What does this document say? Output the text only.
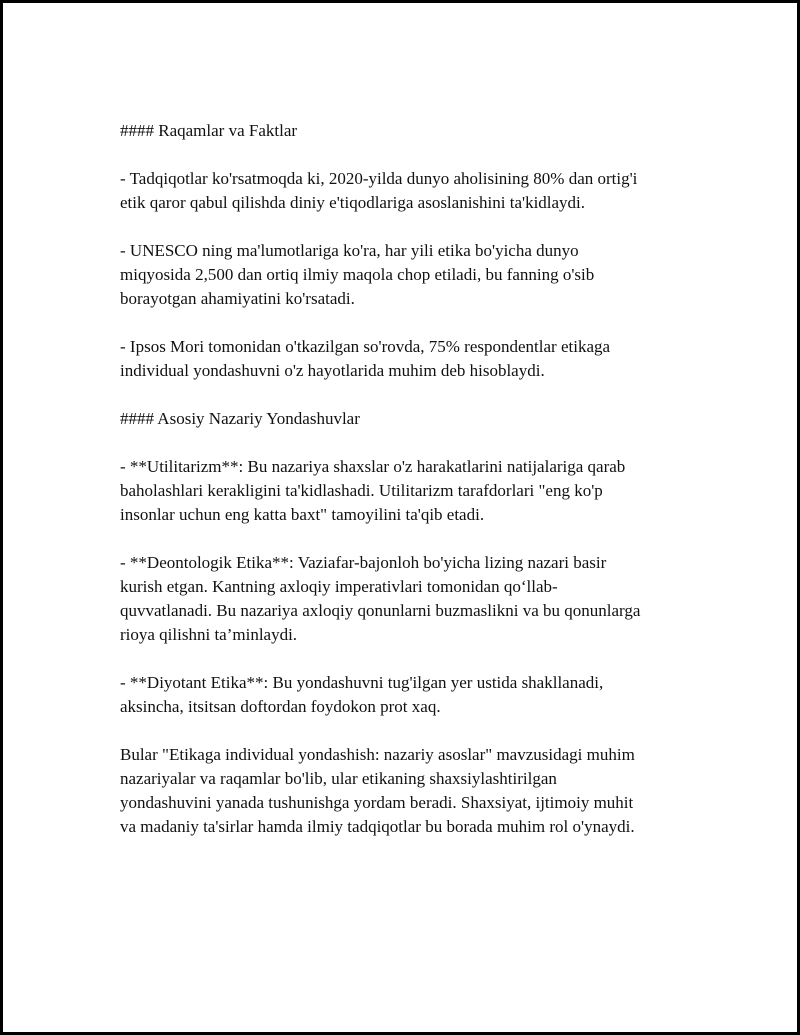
#### Raqamlar va Faktlar

- Tadqiqotlar ko'rsatmoqda ki, 2020-yilda dunyo aholisining 80% dan ortig'i
etik qaror qabul qilishda diniy e'tiqodlariga asoslanishini ta'kidlaydi.

- UNESCO ning ma'lumotlariga ko'ra, har yili etika bo'yicha dunyo
miqyosida 2,500 dan ortiq ilmiy maqola chop etiladi, bu fanning o'sib
borayotgan ahamiyatini ko'rsatadi.

- Ipsos Mori tomonidan o'tkazilgan so'rovda, 75% respondentlar etikaga
individual yondashuvni o'z hayotlarida muhim deb hisoblaydi.

#### Asosiy Nazariy Yondashuvlar

- **Utilitarizm**: Bu nazariya shaxslar o'z harakatlarini natijalariga qarab
baholashlari kerakligini ta'kidlashadi. Utilitarizm tarafdorlari "eng ko'p
insonlar uchun eng katta baxt" tamoyilini ta'qib etadi.

- **Deontologik Etika**: Vaziafar-bajonloh bo'yicha lizing nazari basir
kurish etgan. Kantning axloqiy imperativlari tomonidan qo‘llab-
quvvatlanadi. Bu nazariya axloqiy qonunlarni buzmaslikni va bu qonunlarga
rioya qilishni ta’minlaydi.

- **Diyotant Etika**: Bu yondashuvni tug'ilgan yer ustida shakllanadi,
aksincha, itsitsan doftordan foydokon prot xaq.

Bular "Etikaga individual yondashish: nazariy asoslar" mavzusidagi muhim
nazariyalar va raqamlar bo'lib, ular etikaning shaxsiylashtirilgan
yondashuvini yanada tushunishga yordam beradi. Shaxsiyat, ijtimoiy muhit
va madaniy ta'sirlar hamda ilmiy tadqiqotlar bu borada muhim rol o'ynaydi.
